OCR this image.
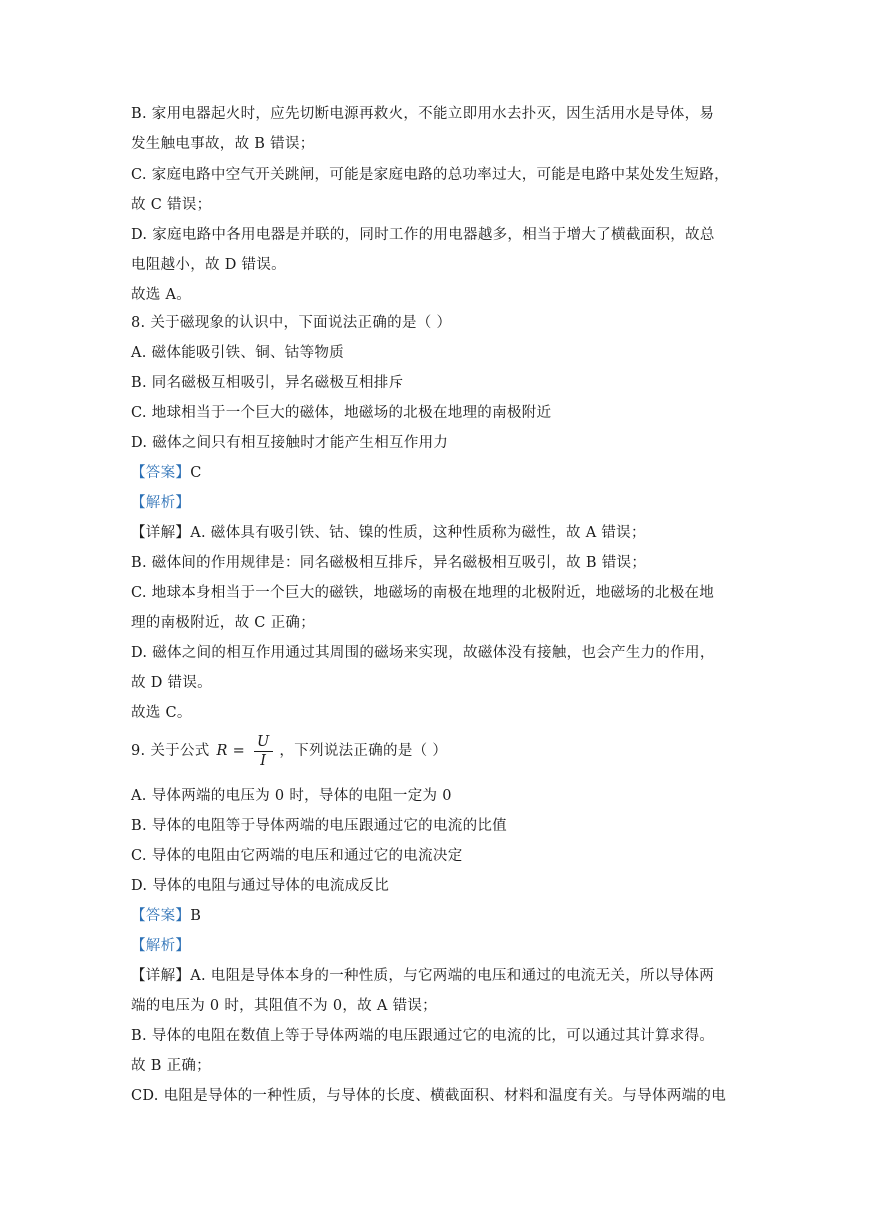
B. 家用电器起火时，应先切断电源再救火，不能立即用水去扑灭，因生活用水是导体，易
发生触电事故，故 B 错误；
C. 家庭电路中空气开关跳闸，可能是家庭电路的总功率过大，可能是电路中某处发生短路，
故 C 错误；
D. 家庭电路中各用电器是并联的，同时工作的用电器越多，相当于增大了横截面积，故总
电阻越小，故 D 错误。
故选 A。
8. 关于磁现象的认识中，下面说法正确的是（ ）
A. 磁体能吸引铁、铜、钴等物质
B. 同名磁极互相吸引，异名磁极互相排斥
C. 地球相当于一个巨大的磁体，地磁场的北极在地理的南极附近
D. 磁体之间只有相互接触时才能产生相互作用力
【答案】C
【解析】
【详解】A. 磁体具有吸引铁、钴、镍的性质，这种性质称为磁性，故 A 错误；
B. 磁体间的作用规律是：同名磁极相互排斥，异名磁极相互吸引，故 B 错误；
C. 地球本身相当于一个巨大的磁铁，地磁场的南极在地理的北极附近，地磁场的北极在地
理的南极附近，故 C 正确；
D. 磁体之间的相互作用通过其周围的磁场来实现，故磁体没有接触，也会产生力的作用，
故 D 错误。
故选 C。
9. 关于公式 $R = \frac{U}{I}$ ，下列说法正确的是（ ）
A. 导体两端的电压为 0 时，导体的电阻一定为 0
B. 导体的电阻等于导体两端的电压跟通过它的电流的比值
C. 导体的电阻由它两端的电压和通过它的电流决定
D. 导体的电阻与通过导体的电流成反比
【答案】B
【解析】
【详解】A. 电阻是导体本身的一种性质，与它两端的电压和通过的电流无关，所以导体两
端的电压为 0 时，其阻值不为 0，故 A 错误；
B. 导体的电阻在数值上等于导体两端的电压跟通过它的电流的比，可以通过其计算求得。
故 B 正确；
CD. 电阻是导体的一种性质，与导体的长度、横截面积、材料和温度有关。与导体两端的电
